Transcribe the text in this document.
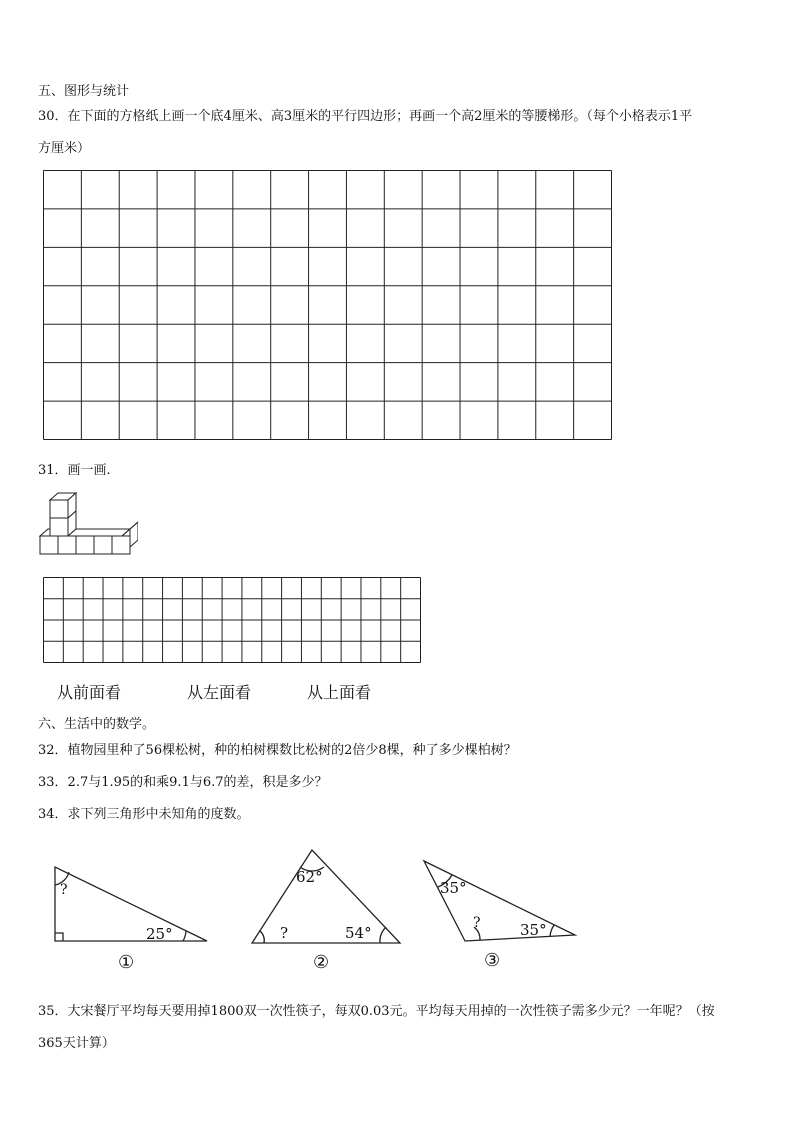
五、图形与统计
30．在下面的方格纸上画一个底4厘米、高3厘米的平行四边形；再画一个高2厘米的等腰梯形。（每个小格表示1平
方厘米）
31．画一画.
从前面看	从左面看	从上面看
六、生活中的数学。
32．植物园里种了56棵松树，种的柏树棵数比松树的2倍少8棵，种了多少棵柏树？
33．2.7与1.95的和乘9.1与6.7的差，积是多少？
34．求下列三角形中未知角的度数。
?
25°
①
62°
?	54°
②
35°
?	35°
③
35．大宋餐厅平均每天要用掉1800双一次性筷子，每双0.03元。平均每天用掉的一次性筷子需多少元？一年呢？（按
365天计算）
